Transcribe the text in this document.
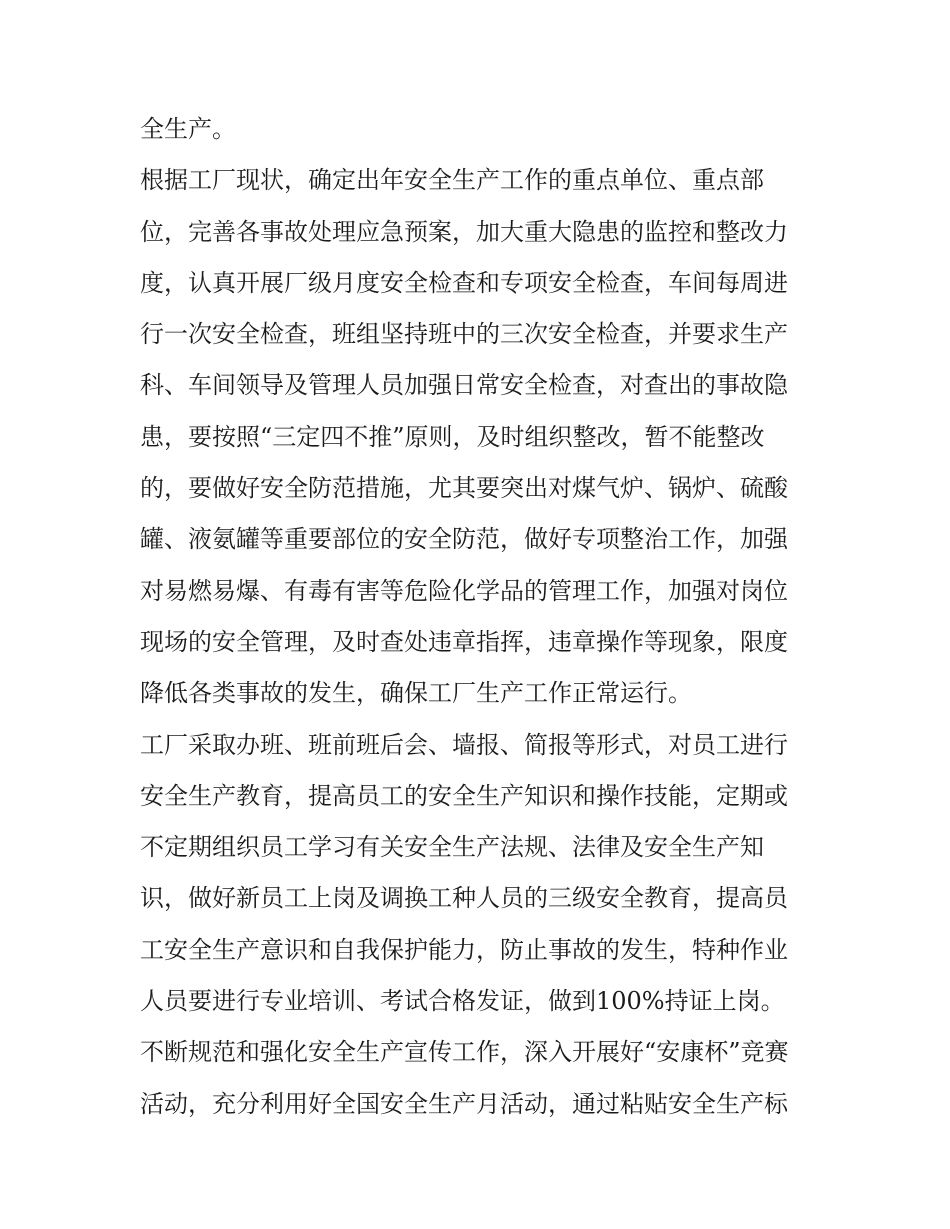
全生产。
根据工厂现状，确定出年安全生产工作的重点单位、重点部
位，完善各事故处理应急预案，加大重大隐患的监控和整改力
度，认真开展厂级月度安全检查和专项安全检查，车间每周进
行一次安全检查，班组坚持班中的三次安全检查，并要求生产
科、车间领导及管理人员加强日常安全检查，对查出的事故隐
患，要按照“三定四不推”原则，及时组织整改，暂不能整改
的，要做好安全防范措施，尤其要突出对煤气炉、锅炉、硫酸
罐、液氨罐等重要部位的安全防范，做好专项整治工作，加强
对易燃易爆、有毒有害等危险化学品的管理工作，加强对岗位
现场的安全管理，及时查处违章指挥，违章操作等现象，限度
降低各类事故的发生，确保工厂生产工作正常运行。
工厂采取办班、班前班后会、墙报、简报等形式，对员工进行
安全生产教育，提高员工的安全生产知识和操作技能，定期或
不定期组织员工学习有关安全生产法规、法律及安全生产知
识，做好新员工上岗及调换工种人员的三级安全教育，提高员
工安全生产意识和自我保护能力，防止事故的发生，特种作业
人员要进行专业培训、考试合格发证，做到100%持证上岗。
不断规范和强化安全生产宣传工作，深入开展好“安康杯”竞赛
活动，充分利用好全国安全生产月活动，通过粘贴安全生产标
